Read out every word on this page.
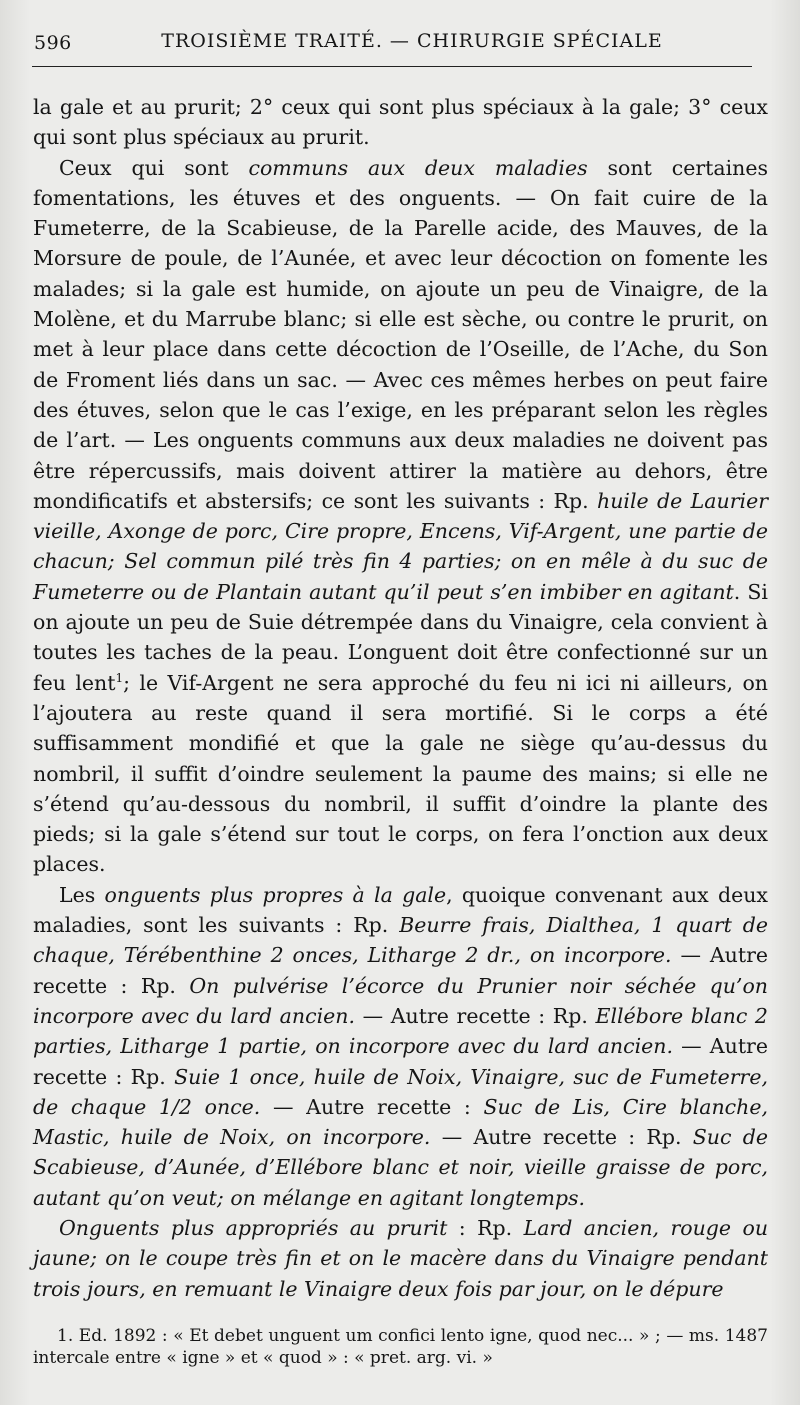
596	TROISIÈME TRAITÉ. — CHIRURGIE SPÉCIALE

la gale et au prurit; 2° ceux qui sont plus spéciaux à la gale; 3° ceux qui sont plus spéciaux au prurit.

Ceux qui sont communs aux deux maladies sont certaines fomentations, les étuves et des onguents. — On fait cuire de la Fumeterre, de la Scabieuse, de la Parelle acide, des Mauves, de la Morsure de poule, de l’Aunée, et avec leur décoction on fomente les malades; si la gale est humide, on ajoute un peu de Vinaigre, de la Molène, et du Marrube blanc; si elle est sèche, ou contre le prurit, on met à leur place dans cette décoction de l’Oseille, de l’Ache, du Son de Froment liés dans un sac. — Avec ces mêmes herbes on peut faire des étuves, selon que le cas l’exige, en les préparant selon les règles de l’art. — Les onguents communs aux deux maladies ne doivent pas être répercussifs, mais doivent attirer la matière au dehors, être mondificatifs et abstersifs; ce sont les suivants : Rp. huile de Laurier vieille, Axonge de porc, Cire propre, Encens, Vif-Argent, une partie de chacun; Sel commun pilé très fin 4 parties; on en mêle à du suc de Fumeterre ou de Plantain autant qu’il peut s’en imbiber en agitant. Si on ajoute un peu de Suie détrempée dans du Vinaigre, cela convient à toutes les taches de la peau. L’onguent doit être confectionné sur un feu lent$^1$; le Vif-Argent ne sera approché du feu ni ici ni ailleurs, on l’ajoutera au reste quand il sera mortifié. Si le corps a été suffisamment mondifié et que la gale ne siège qu’au-dessus du nombril, il suffit d’oindre seulement la paume des mains; si elle ne s’étend qu’au-dessous du nombril, il suffit d’oindre la plante des pieds; si la gale s’étend sur tout le corps, on fera l’onction aux deux places.

Les onguents plus propres à la gale, quoique convenant aux deux maladies, sont les suivants : Rp. Beurre frais, Dialthea, 1 quart de chaque, Térébenthine 2 onces, Litharge 2 dr., on incorpore. — Autre recette : Rp. On pulvérise l’écorce du Prunier noir séchée qu’on incorpore avec du lard ancien. — Autre recette : Rp. Ellébore blanc 2 parties, Litharge 1 partie, on incorpore avec du lard ancien. — Autre recette : Rp. Suie 1 once, huile de Noix, Vinaigre, suc de Fumeterre, de chaque 1/2 once. — Autre recette : Suc de Lis, Cire blanche, Mastic, huile de Noix, on incorpore. — Autre recette : Rp. Suc de Scabieuse, d’Aunée, d’Ellébore blanc et noir, vieille graisse de porc, autant qu’on veut; on mélange en agitant longtemps.

Onguents plus appropriés au prurit : Rp. Lard ancien, rouge ou jaune; on le coupe très fin et on le macère dans du Vinaigre pendant trois jours, en remuant le Vinaigre deux fois par jour, on le dépure

1. Ed. 1892 : « Et debet unguent um confici lento igne, quod nec... » ; — ms. 1487 intercale entre « igne » et « quod » : « pret. arg. vi. »
